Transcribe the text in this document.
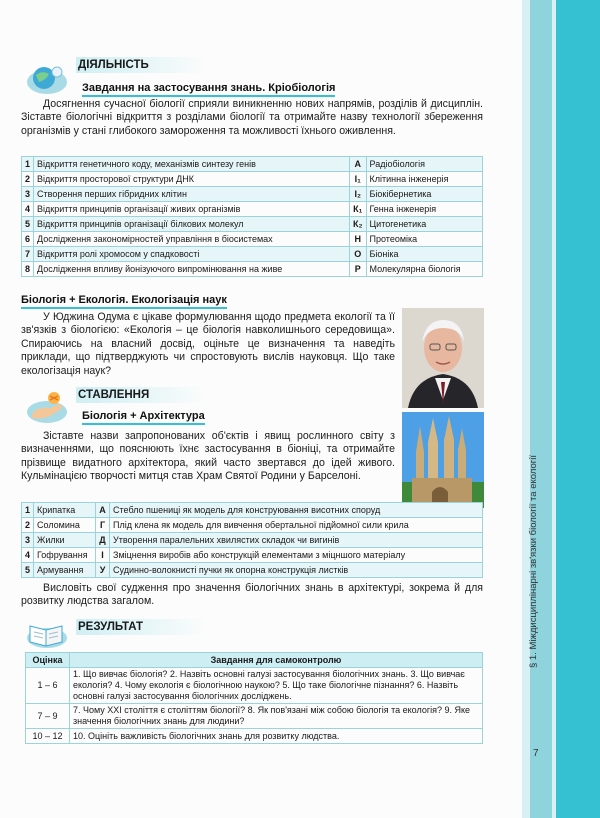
§ 1. Міждисциплінарні зв'язки біології та екології
7
ДІЯЛЬНІСТЬ
Завдання на застосування знань. Кріобіологія
Досягнення сучасної біології сприяли виникненню нових напрямів, розділів й дисциплін. Зіставте біологічні відкриття з розділами біології та отримайте назву технології збереження організмів у стані глибокого замороження та можливості їхнього оживлення.
1	Відкриття генетичного коду, механізмів синтезу генів	А	Радіобіологія
2	Відкриття просторової структури ДНК	І₁	Клітинна інженерія
3	Створення перших гібридних клітин	І₂	Біокібернетика
4	Відкриття принципів організації живих організмів	К₁	Генна інженерія
5	Відкриття принципів організації білкових молекул	К₂	Цитогенетика
6	Дослідження закономірностей управління в біосистемах	Н	Протеоміка
7	Відкриття ролі хромосом у спадковості	О	Біоніка
8	Дослідження впливу йонізуючого випромінювання на живе	Р	Молекулярна біологія
Біологія + Екологія. Екологізація наук
У Юджина Одума є цікаве формулювання щодо предмета екології та її зв'язків з біологією: «Екологія – це біологія навколишнього середовища». Спираючись на власний досвід, оціньте це визначення та наведіть приклади, що підтверджують чи спростовують вислів науковця. Що таке екологізація наук?
СТАВЛЕННЯ
Біологія + Архітектура
Зіставте назви запропонованих об'єктів і явищ рослинного світу з визначеннями, що пояснюють їхнє застосування в біоніці, та отримайте прізвище видатного архітектора, який часто звертався до ідей живого. Кульмінацією творчості митця став Храм Святої Родини у Барселоні.
1	Крипатка	А	Стебло пшениці як модель для конструювання висотних споруд
2	Соломина	Г	Плід клена як модель для вивчення обертальної підйомної сили крила
3	Жилки	Д	Утворення паралельних хвилястих складок чи вигинів
4	Гофрування	І	Зміцнення виробів або конструкцій елементами з міцншого матеріалу
5	Армування	У	Судинно-волокнисті пучки як опорна конструкція листків
Висловіть свої судження про значення біологічних знань в архітектурі, зокрема й для розвитку людства загалом.
РЕЗУЛЬТАТ
Оцінка	Завдання для самоконтролю
1 – 6	1. Що вивчає біологія? 2. Назвіть основні галузі застосування біологічних знань. 3. Що вивчає екологія? 4. Чому екологія є біологічною наукою? 5. Що таке біологічне пізнання? 6. Назвіть основні галузі застосування біологічних досліджень.
7 – 9	7. Чому XXI століття є століттям біології? 8. Як пов'язані між собою біологія та екологія? 9. Яке значення біологічних знань для людини?
10 – 12	10. Оцініть важливість біологічних знань для розвитку людства.
